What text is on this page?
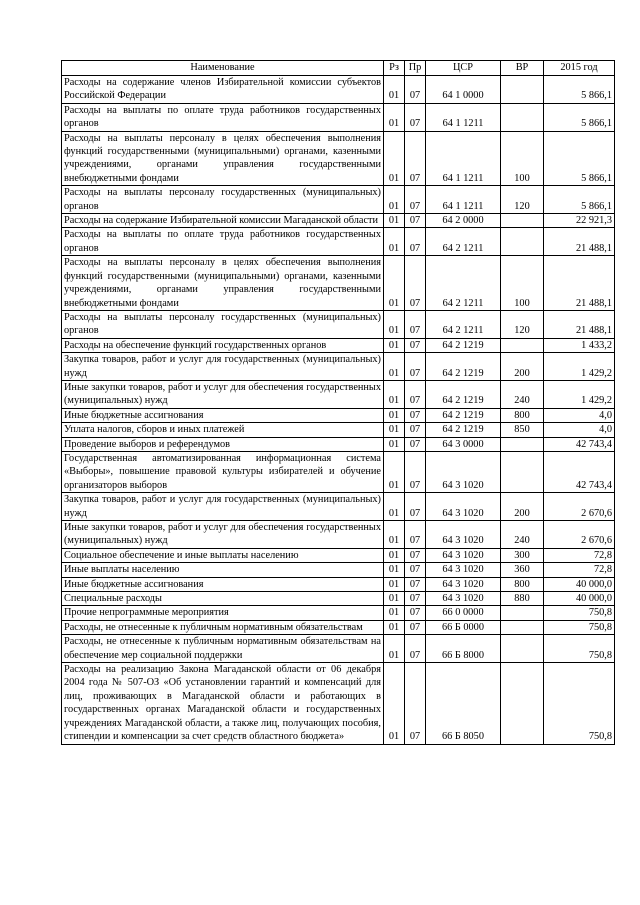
Наименование	Рз	Пр	ЦСР	ВР	2015 год
Расходы на содержание членов Избирательной комиссии субъектов Российской Федерации	01	07	64 1 0000		5 866,1
Расходы на выплаты по оплате труда работников государственных органов	01	07	64 1 1211		5 866,1
Расходы на выплаты персоналу в целях обеспечения выполнения функций государственными (муниципальными) органами, казенными учреждениями, органами управления государственными внебюджетными фондами	01	07	64 1 1211	100	5 866,1
Расходы на выплаты персоналу государственных (муниципальных) органов	01	07	64 1 1211	120	5 866,1
Расходы на содержание Избирательной комиссии Магаданской области	01	07	64 2 0000		22 921,3
Расходы на выплаты по оплате труда работников государственных органов	01	07	64 2 1211		21 488,1
Расходы на выплаты персоналу в целях обеспечения выполнения функций государственными (муниципальными) органами, казенными учреждениями, органами управления государственными внебюджетными фондами	01	07	64 2 1211	100	21 488,1
Расходы на выплаты персоналу государственных (муниципальных) органов	01	07	64 2 1211	120	21 488,1
Расходы на обеспечение функций государственных органов	01	07	64 2 1219		1 433,2
Закупка товаров, работ и услуг для государственных (муниципальных) нужд	01	07	64 2 1219	200	1 429,2
Иные закупки товаров, работ и услуг для обеспечения государственных (муниципальных) нужд	01	07	64 2 1219	240	1 429,2
Иные бюджетные ассигнования	01	07	64 2 1219	800	4,0
Уплата налогов, сборов и иных платежей	01	07	64 2 1219	850	4,0
Проведение выборов и референдумов	01	07	64 3 0000		42 743,4
Государственная автоматизированная информационная система «Выборы», повышение правовой культуры избирателей и обучение организаторов выборов	01	07	64 3 1020		42 743,4
Закупка товаров, работ и услуг для государственных (муниципальных) нужд	01	07	64 3 1020	200	2 670,6
Иные закупки товаров, работ и услуг для обеспечения государственных (муниципальных) нужд	01	07	64 3 1020	240	2 670,6
Социальное обеспечение и иные выплаты населению	01	07	64 3 1020	300	72,8
Иные выплаты населению	01	07	64 3 1020	360	72,8
Иные бюджетные ассигнования	01	07	64 3 1020	800	40 000,0
Специальные расходы	01	07	64 3 1020	880	40 000,0
Прочие непрограммные мероприятия	01	07	66 0 0000		750,8
Расходы, не отнесенные к публичным нормативным обязательствам	01	07	66 Б 0000		750,8
Расходы, не отнесенные к публичным нормативным обязательствам на обеспечение мер социальной поддержки	01	07	66 Б 8000		750,8
Расходы на реализацию Закона Магаданской области от 06 декабря 2004 года № 507-ОЗ «Об установлении гарантий и компенсаций для лиц, проживающих в Магаданской области и работающих в государственных органах Магаданской области и государственных учреждениях Магаданской области, а также лиц, получающих пособия, стипендии и компенсации за счет средств областного бюджета»	01	07	66 Б 8050		750,8
